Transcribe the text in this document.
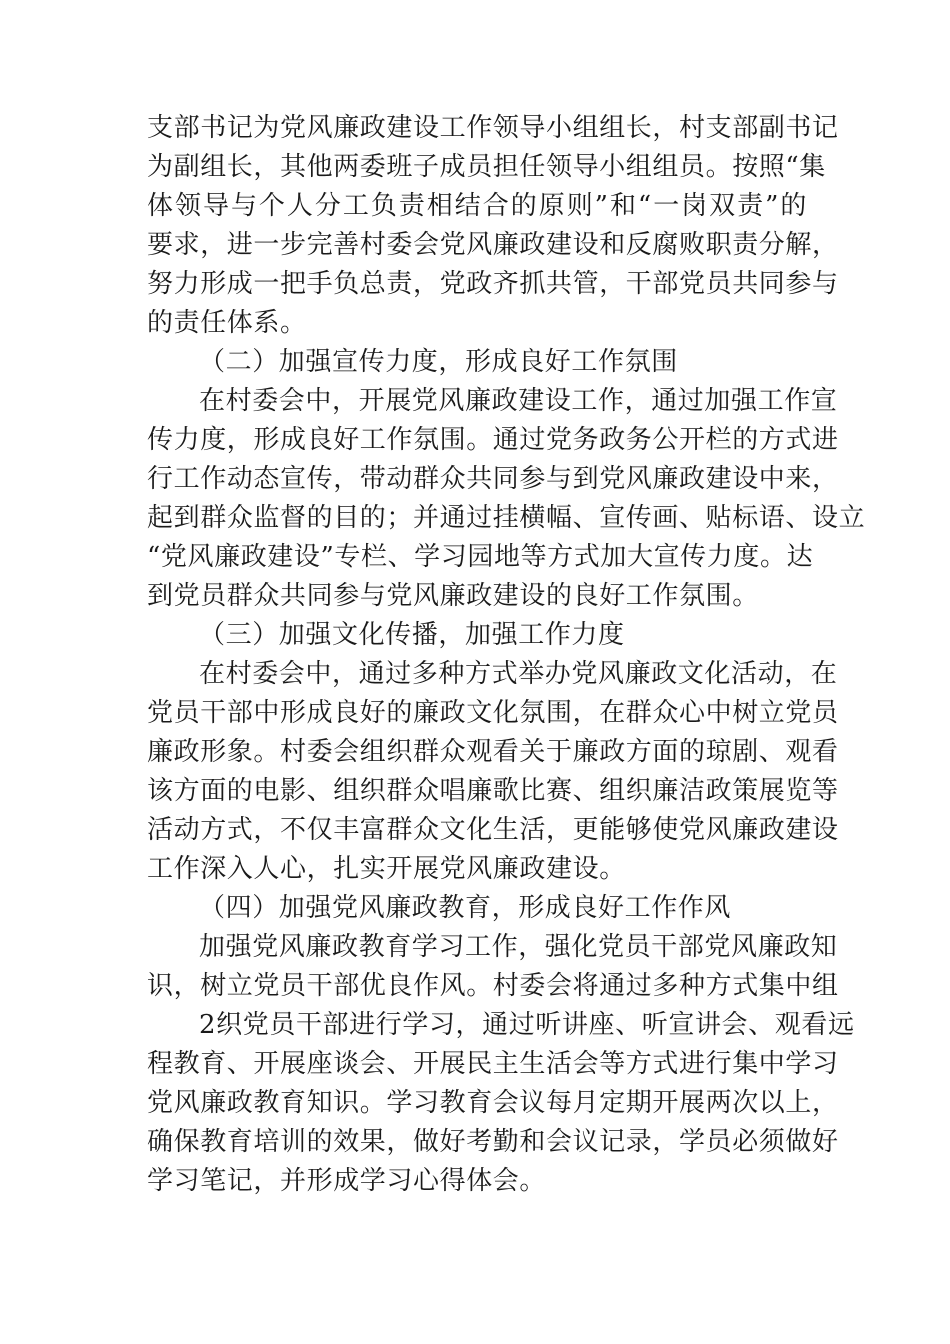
支部书记为党风廉政建设工作领导小组组长，村支部副书记
为副组长，其他两委班子成员担任领导小组组员。按照“集
体领导与个人分工负责相结合的原则”和“一岗双责”的
要求，进一步完善村委会党风廉政建设和反腐败职责分解，
努力形成一把手负总责，党政齐抓共管，干部党员共同参与
的责任体系。
（二）加强宣传力度，形成良好工作氛围
在村委会中，开展党风廉政建设工作，通过加强工作宣
传力度，形成良好工作氛围。通过党务政务公开栏的方式进
行工作动态宣传，带动群众共同参与到党风廉政建设中来，
起到群众监督的目的；并通过挂横幅、宣传画、贴标语、设立
“党风廉政建设”专栏、学习园地等方式加大宣传力度。达
到党员群众共同参与党风廉政建设的良好工作氛围。
（三）加强文化传播，加强工作力度
在村委会中，通过多种方式举办党风廉政文化活动，在
党员干部中形成良好的廉政文化氛围，在群众心中树立党员
廉政形象。村委会组织群众观看关于廉政方面的琼剧、观看
该方面的电影、组织群众唱廉歌比赛、组织廉洁政策展览等
活动方式，不仅丰富群众文化生活，更能够使党风廉政建设
工作深入人心，扎实开展党风廉政建设。
（四）加强党风廉政教育，形成良好工作作风
加强党风廉政教育学习工作，强化党员干部党风廉政知
识，树立党员干部优良作风。村委会将通过多种方式集中组
2织党员干部进行学习，通过听讲座、听宣讲会、观看远
程教育、开展座谈会、开展民主生活会等方式进行集中学习
党风廉政教育知识。学习教育会议每月定期开展两次以上，
确保教育培训的效果，做好考勤和会议记录，学员必须做好
学习笔记，并形成学习心得体会。
